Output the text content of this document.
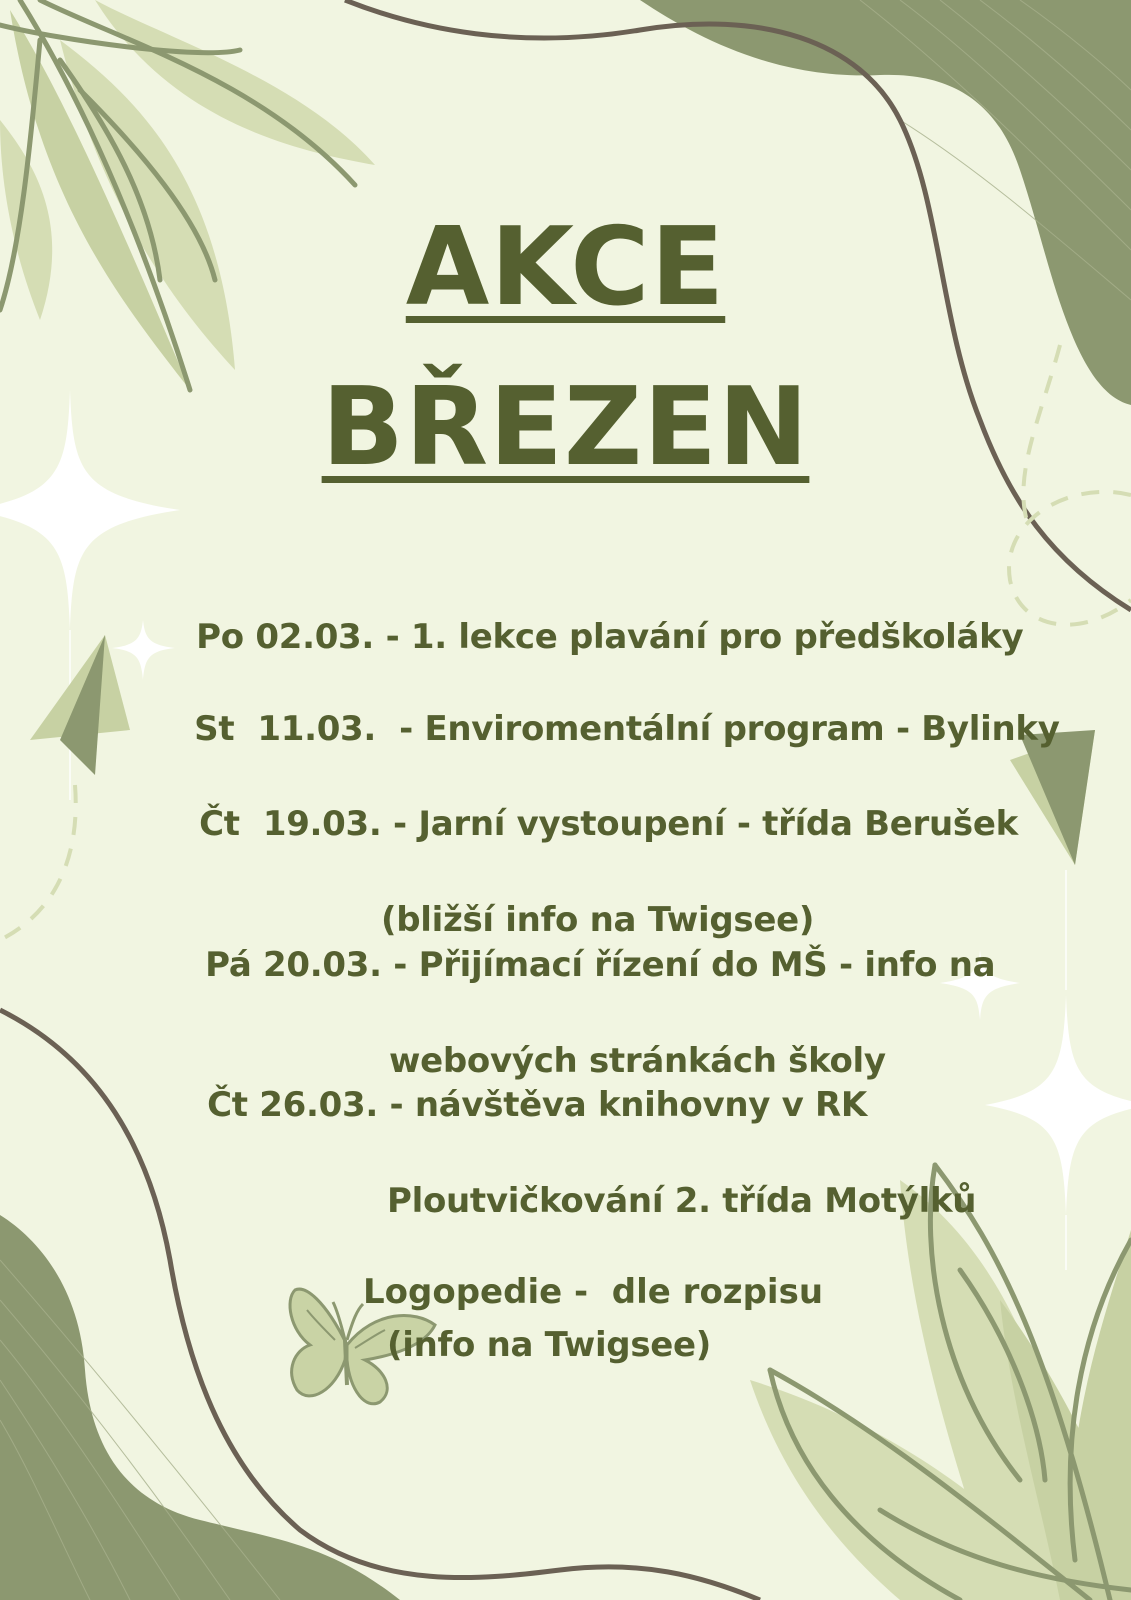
AKCE
BŘEZEN

Po 02.03. - 1. lekce plavání pro předškoláky

St  11.03.  - Enviromentální program - Bylinky

Čt  19.03. - Jarní vystoupení - třída Berušek

(bližší info na Twigsee)

Pá 20.03. - Přijímací řízení do MŠ - info na

webových stránkách školy

Čt 26.03. - návštěva knihovny v RK

Ploutvičkování 2. třída Motýlků

(info na Twigsee)

Logopedie -  dle rozpisu
